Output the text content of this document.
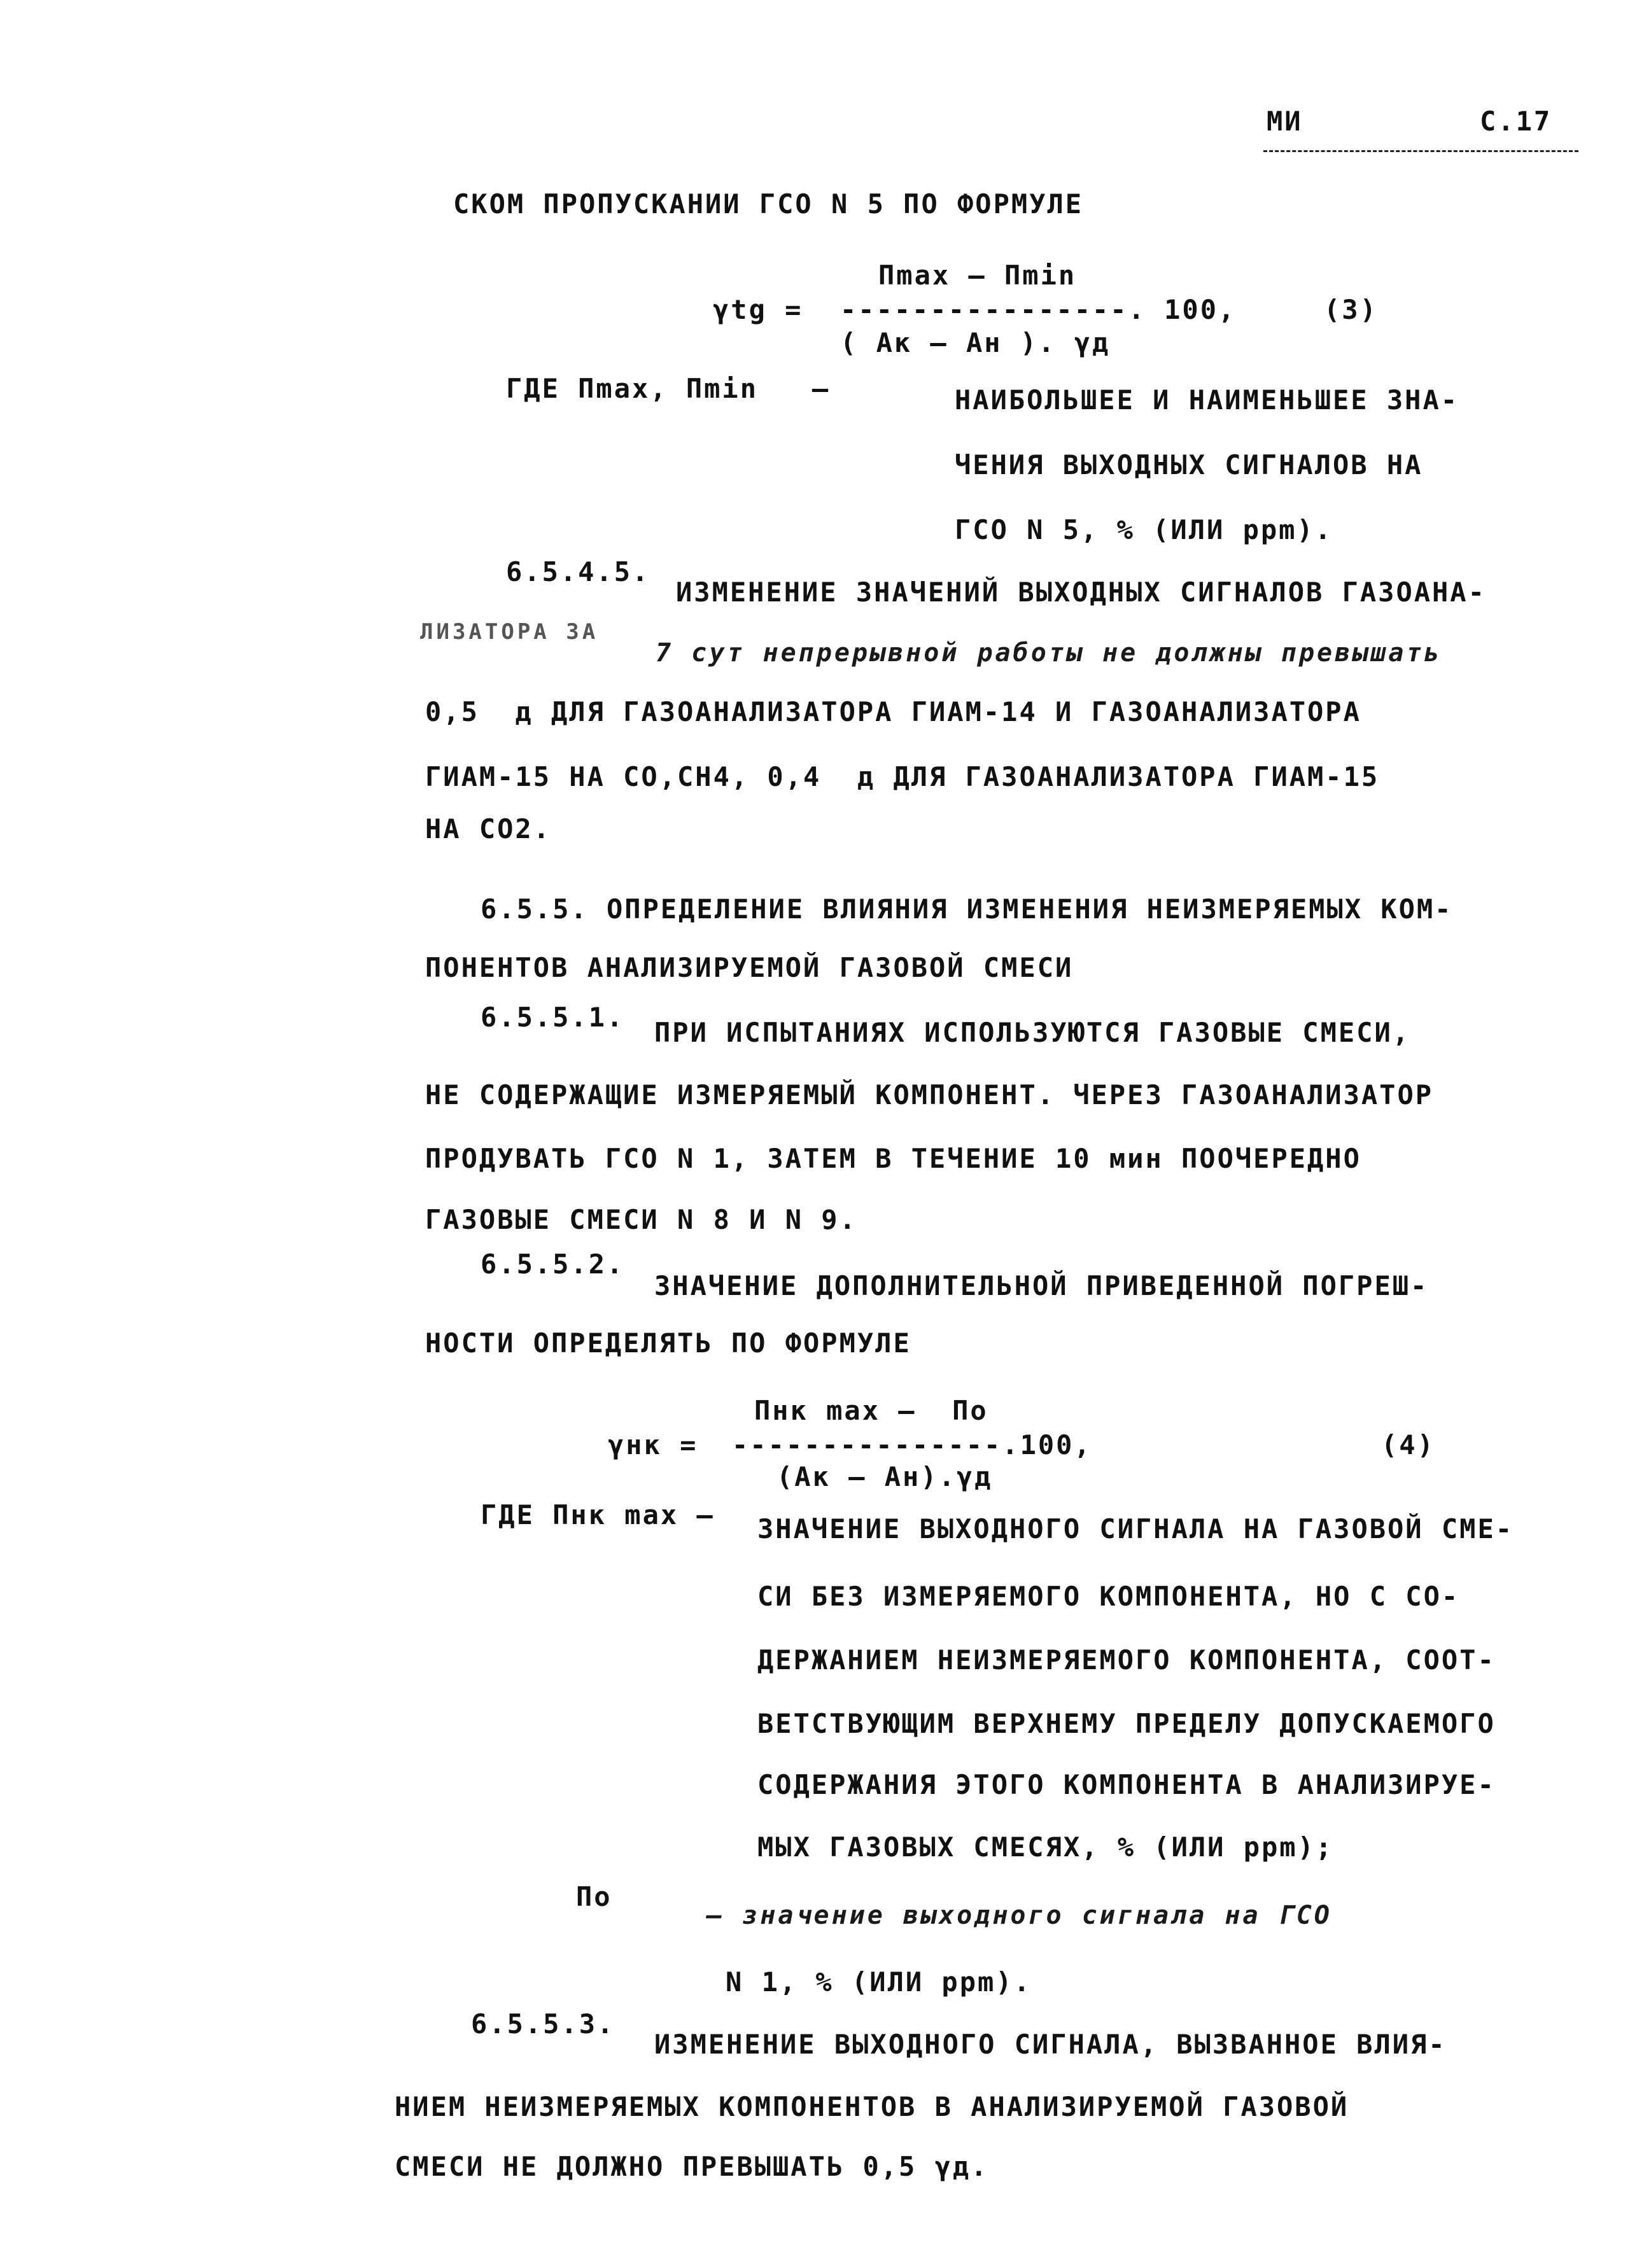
МИ	С.17
СКОМ ПРОПУСКАНИИ ГСО N 5 ПО ФОРМУЛЕ
Пmax – Пmin
γtg = ----------------. 100,	(3)
( Ак – Ан ). γд
ГДЕ Пmax, Пmin   –	НАИБОЛЬШЕЕ И НАИМЕНЬШЕЕ ЗНА-
ЧЕНИЯ ВЫХОДНЫХ СИГНАЛОВ НА
ГСО N 5, % (ИЛИ ppm).
6.5.4.5.
ИЗМЕНЕНИЕ ЗНАЧЕНИЙ ВЫХОДНЫХ СИГНАЛОВ ГАЗОАНА-
ЛИЗАТОРА ЗА
7 сут непрерывной работы не должны превышать
0,5  д ДЛЯ ГАЗОАНАЛИЗАТОРА ГИАМ-14 И ГАЗОАНАЛИЗАТОРА
ГИАМ-15 НА СО,СН4, 0,4  д ДЛЯ ГАЗОАНАЛИЗАТОРА ГИАМ-15
НА СО2.
6.5.5. ОПРЕДЕЛЕНИЕ ВЛИЯНИЯ ИЗМЕНЕНИЯ НЕИЗМЕРЯЕМЫХ КОМ-
ПОНЕНТОВ АНАЛИЗИРУЕМОЙ ГАЗОВОЙ СМЕСИ
6.5.5.1. ПРИ ИСПЫТАНИЯХ ИСПОЛЬЗУЮТСЯ ГАЗОВЫЕ СМЕСИ,
НЕ СОДЕРЖАЩИЕ ИЗМЕРЯЕМЫЙ КОМПОНЕНТ. ЧЕРЕЗ ГАЗОАНАЛИЗАТОР
ПРОДУВАТЬ ГСО N 1, ЗАТЕМ В ТЕЧЕНИЕ 10 мин ПООЧЕРЕДНО
ГАЗОВЫЕ СМЕСИ N 8 И N 9.
6.5.5.2.
ЗНАЧЕНИЕ ДОПОЛНИТЕЛЬНОЙ ПРИВЕДЕННОЙ ПОГРЕШ-
НОСТИ ОПРЕДЕЛЯТЬ ПО ФОРМУЛЕ
Пнк max –  По
γнк = ---------------.100,	(4)
(Ак – Ан).γд
ГДЕ Пнк max – ЗНАЧЕНИЕ ВЫХОДНОГО СИГНАЛА НА ГАЗОВОЙ СМЕ-
СИ БЕЗ ИЗМЕРЯЕМОГО КОМПОНЕНТА, НО С СО-
ДЕРЖАНИЕМ НЕИЗМЕРЯЕМОГО КОМПОНЕНТА, СООТ-
ВЕТСТВУЮЩИМ ВЕРХНЕМУ ПРЕДЕЛУ ДОПУСКАЕМОГО
СОДЕРЖАНИЯ ЭТОГО КОМПОНЕНТА В АНАЛИЗИРУЕ-
МЫХ ГАЗОВЫХ СМЕСЯХ, % (ИЛИ ppm);
По
– значение выходного сигнала на ГСО
N 1, % (ИЛИ ppm).
6.5.5.3.
ИЗМЕНЕНИЕ ВЫХОДНОГО СИГНАЛА, ВЫЗВАННОЕ ВЛИЯ-
НИЕМ НЕИЗМЕРЯЕМЫХ КОМПОНЕНТОВ В АНАЛИЗИРУЕМОЙ ГАЗОВОЙ
СМЕСИ НЕ ДОЛЖНО ПРЕВЫШАТЬ 0,5 γд.
